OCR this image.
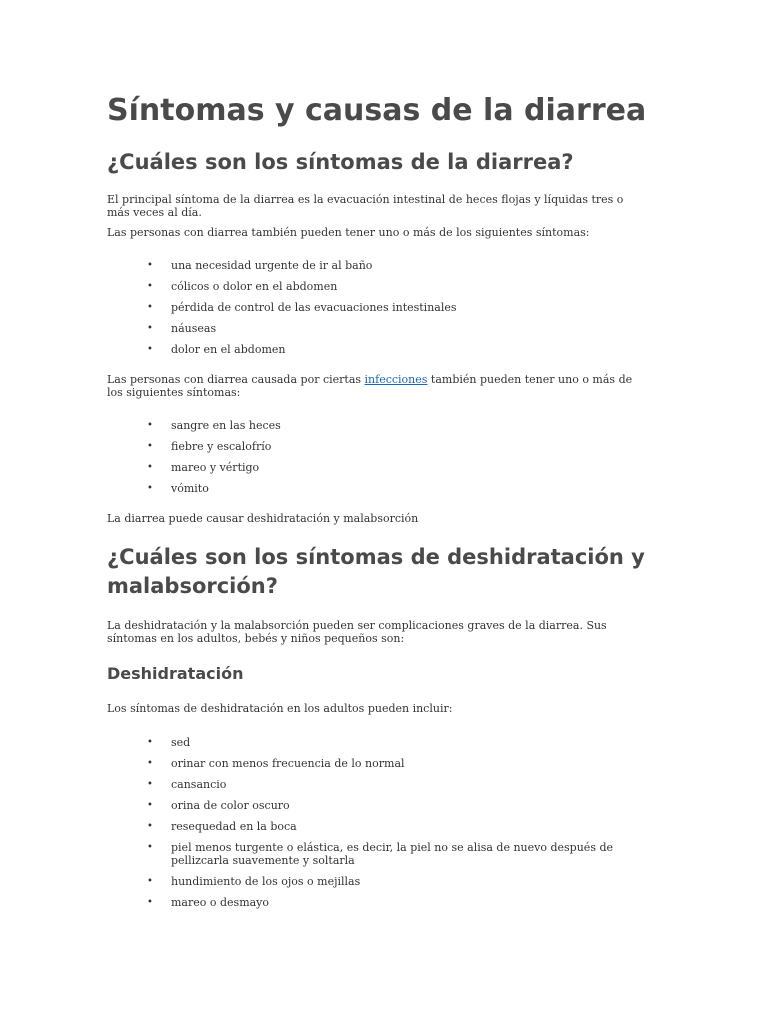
Síntomas y causas de la diarrea
¿Cuáles son los síntomas de la diarrea?

El principal síntoma de la diarrea es la evacuación intestinal de heces flojas y líquidas tres o más veces al día.

Las personas con diarrea también pueden tener uno o más de los siguientes síntomas:

• una necesidad urgente de ir al baño
• cólicos o dolor en el abdomen
• pérdida de control de las evacuaciones intestinales
• náuseas
• dolor en el abdomen

Las personas con diarrea causada por ciertas infecciones también pueden tener uno o más de los siguientes síntomas:

• sangre en las heces
• fiebre y escalofrío
• mareo y vértigo
• vómito

La diarrea puede causar deshidratación y malabsorción

¿Cuáles son los síntomas de deshidratación y malabsorción?

La deshidratación y la malabsorción pueden ser complicaciones graves de la diarrea. Sus síntomas en los adultos, bebés y niños pequeños son:

Deshidratación

Los síntomas de deshidratación en los adultos pueden incluir:

• sed
• orinar con menos frecuencia de lo normal
• cansancio
• orina de color oscuro
• resequedad en la boca
• piel menos turgente o elástica, es decir, la piel no se alisa de nuevo después de pellizcarla suavemente y soltarla
• hundimiento de los ojos o mejillas
• mareo o desmayo
